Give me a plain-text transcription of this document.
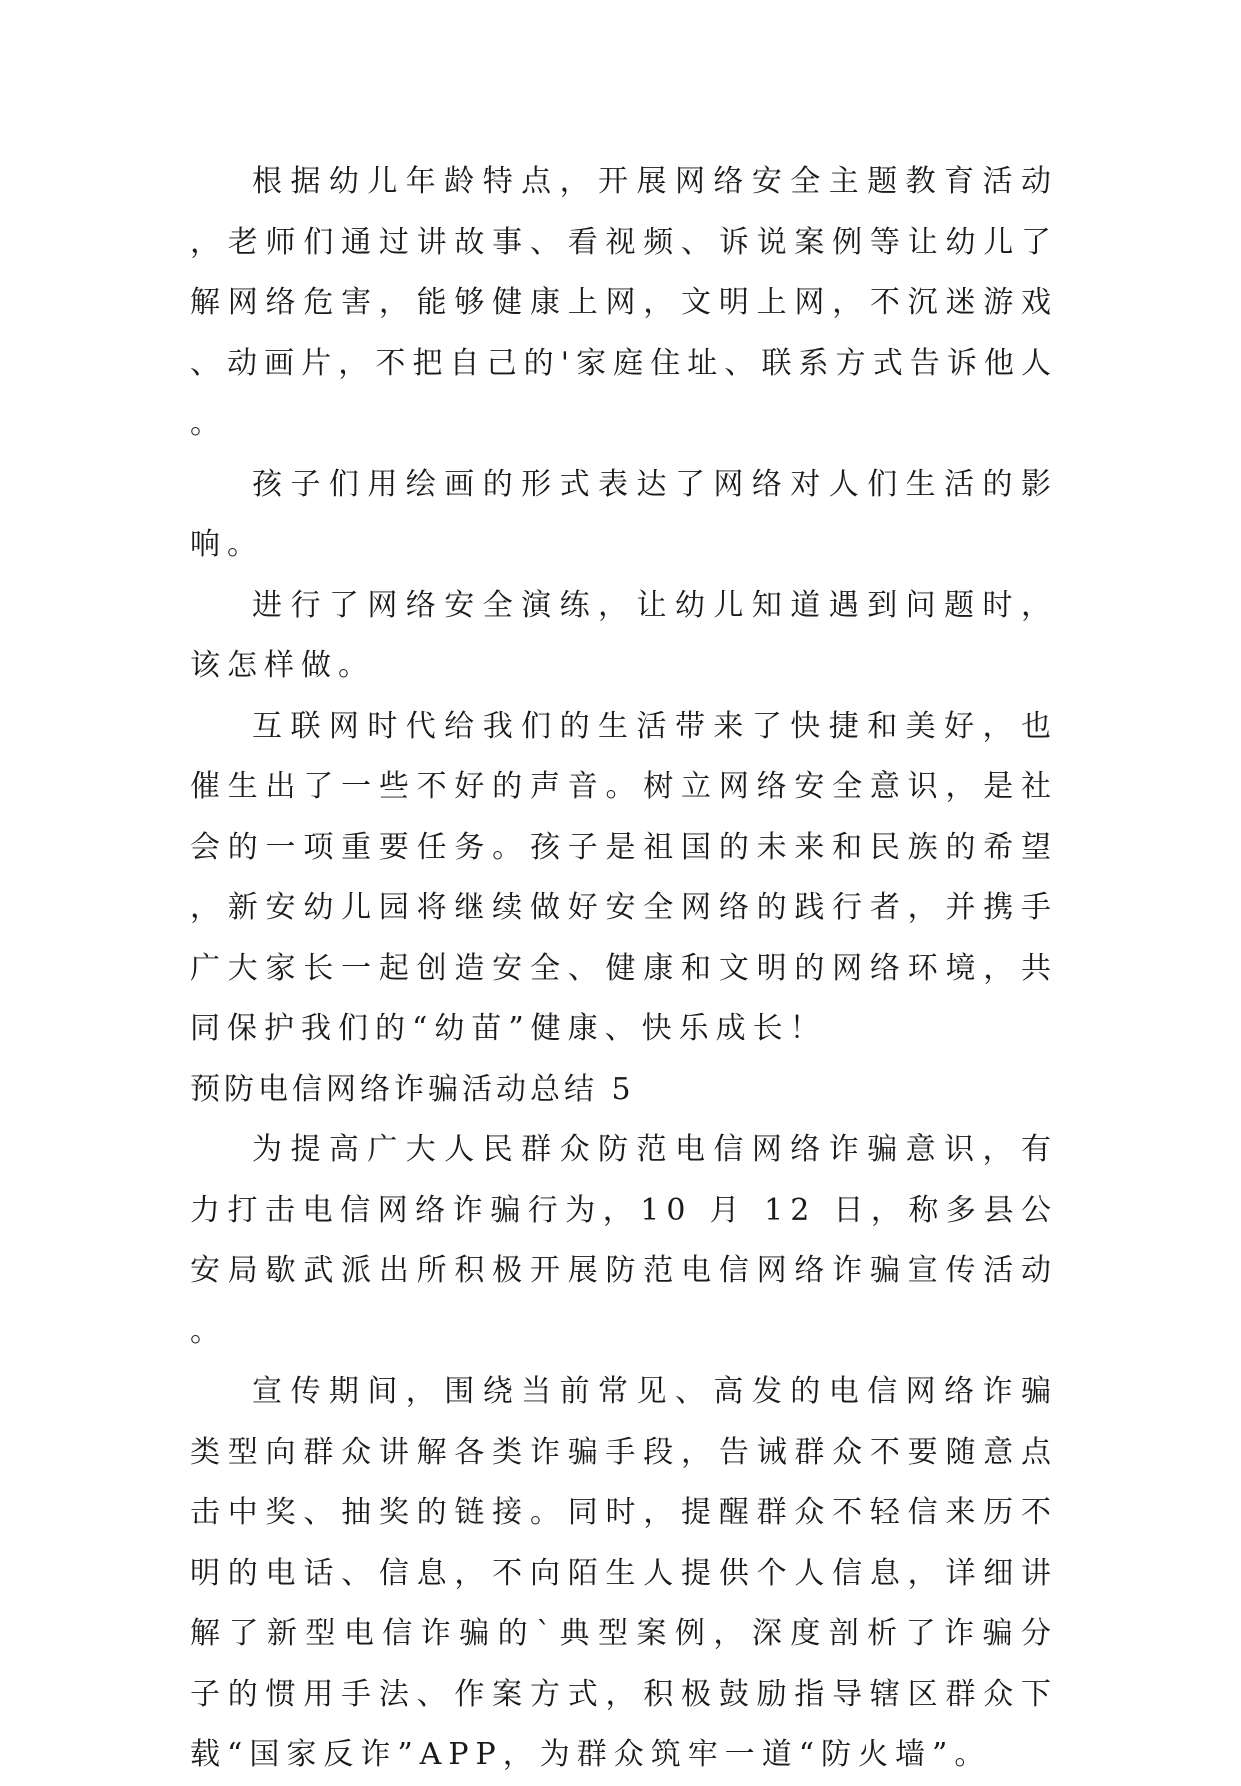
根据幼儿年龄特点，开展网络安全主题教育活动，老师们通过讲故事、看视频、诉说案例等让幼儿了解网络危害，能够健康上网，文明上网，不沉迷游戏、动画片，不把自己的'家庭住址、联系方式告诉他人。

孩子们用绘画的形式表达了网络对人们生活的影响。

进行了网络安全演练，让幼儿知道遇到问题时，该怎样做。

互联网时代给我们的生活带来了快捷和美好，也催生出了一些不好的声音。树立网络安全意识，是社会的一项重要任务。孩子是祖国的未来和民族的希望，新安幼儿园将继续做好安全网络的践行者，并携手广大家长一起创造安全、健康和文明的网络环境，共同保护我们的“幼苗”健康、快乐成长！

预防电信网络诈骗活动总结 5

为提高广大人民群众防范电信网络诈骗意识，有力打击电信网络诈骗行为，10 月 12 日，称多县公安局歇武派出所积极开展防范电信网络诈骗宣传活动。

宣传期间，围绕当前常见、高发的电信网络诈骗类型向群众讲解各类诈骗手段，告诫群众不要随意点击中奖、抽奖的链接。同时，提醒群众不轻信来历不明的电话、信息，不向陌生人提供个人信息，详细讲解了新型电信诈骗的`典型案例，深度剖析了诈骗分子的惯用手法、作案方式，积极鼓励指导辖区群众下载“国家反诈”APP，为群众筑牢一道“防火墙”。
